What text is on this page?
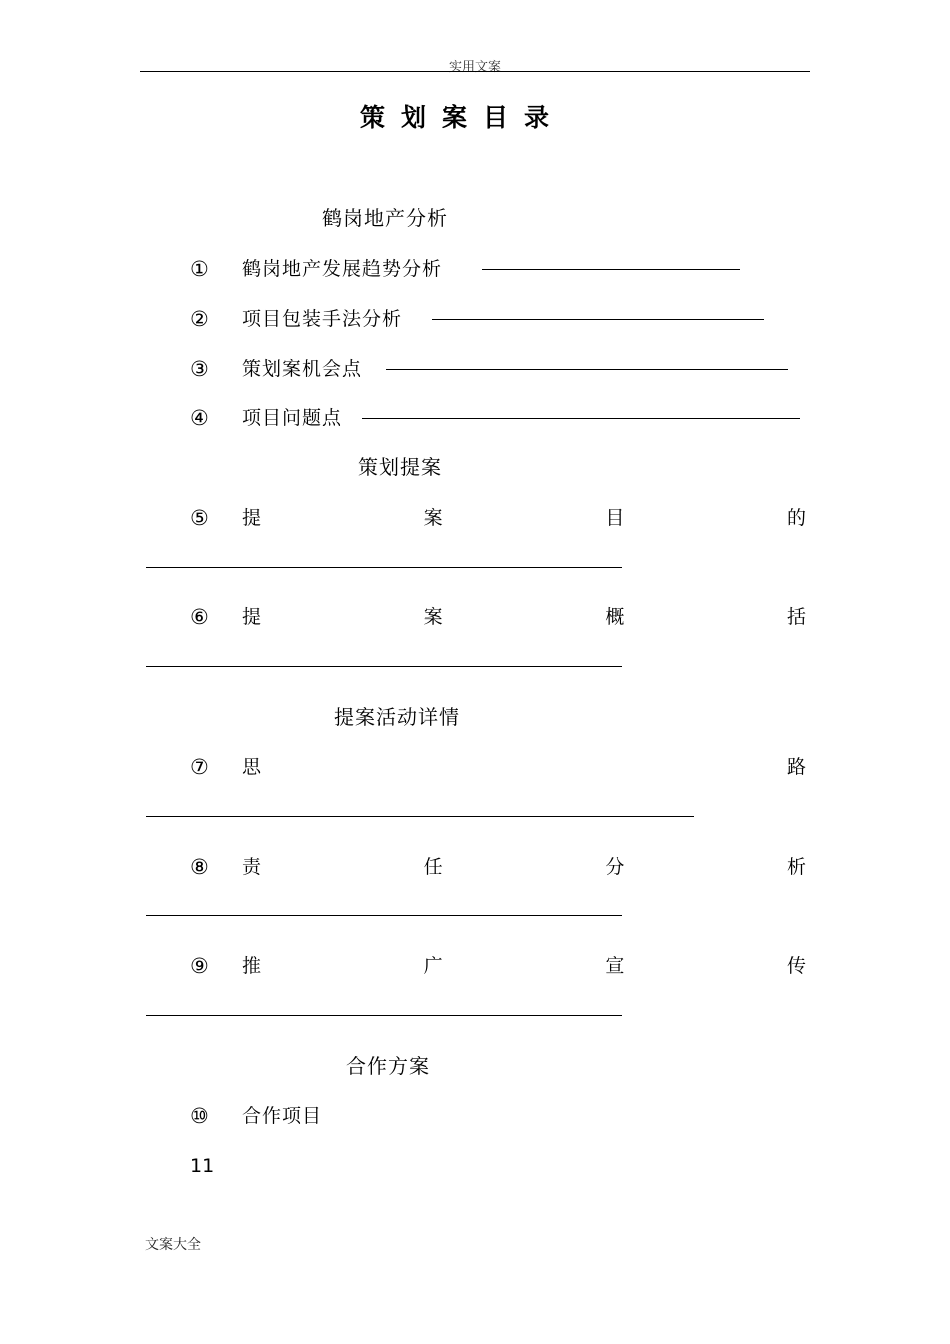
实用文案
策划案目录
鹤岗地产分析
①	鹤岗地产发展趋势分析
②	项目包装手法分析
③	策划案机会点
④	项目问题点
策划提案
⑤	提	案	目	的
⑥	提	案	概	括
提案活动详情
⑦	思	路
⑧	责	任	分	析
⑨	推	广	宣	传
合作方案
⑩	合作项目
11
文案大全
